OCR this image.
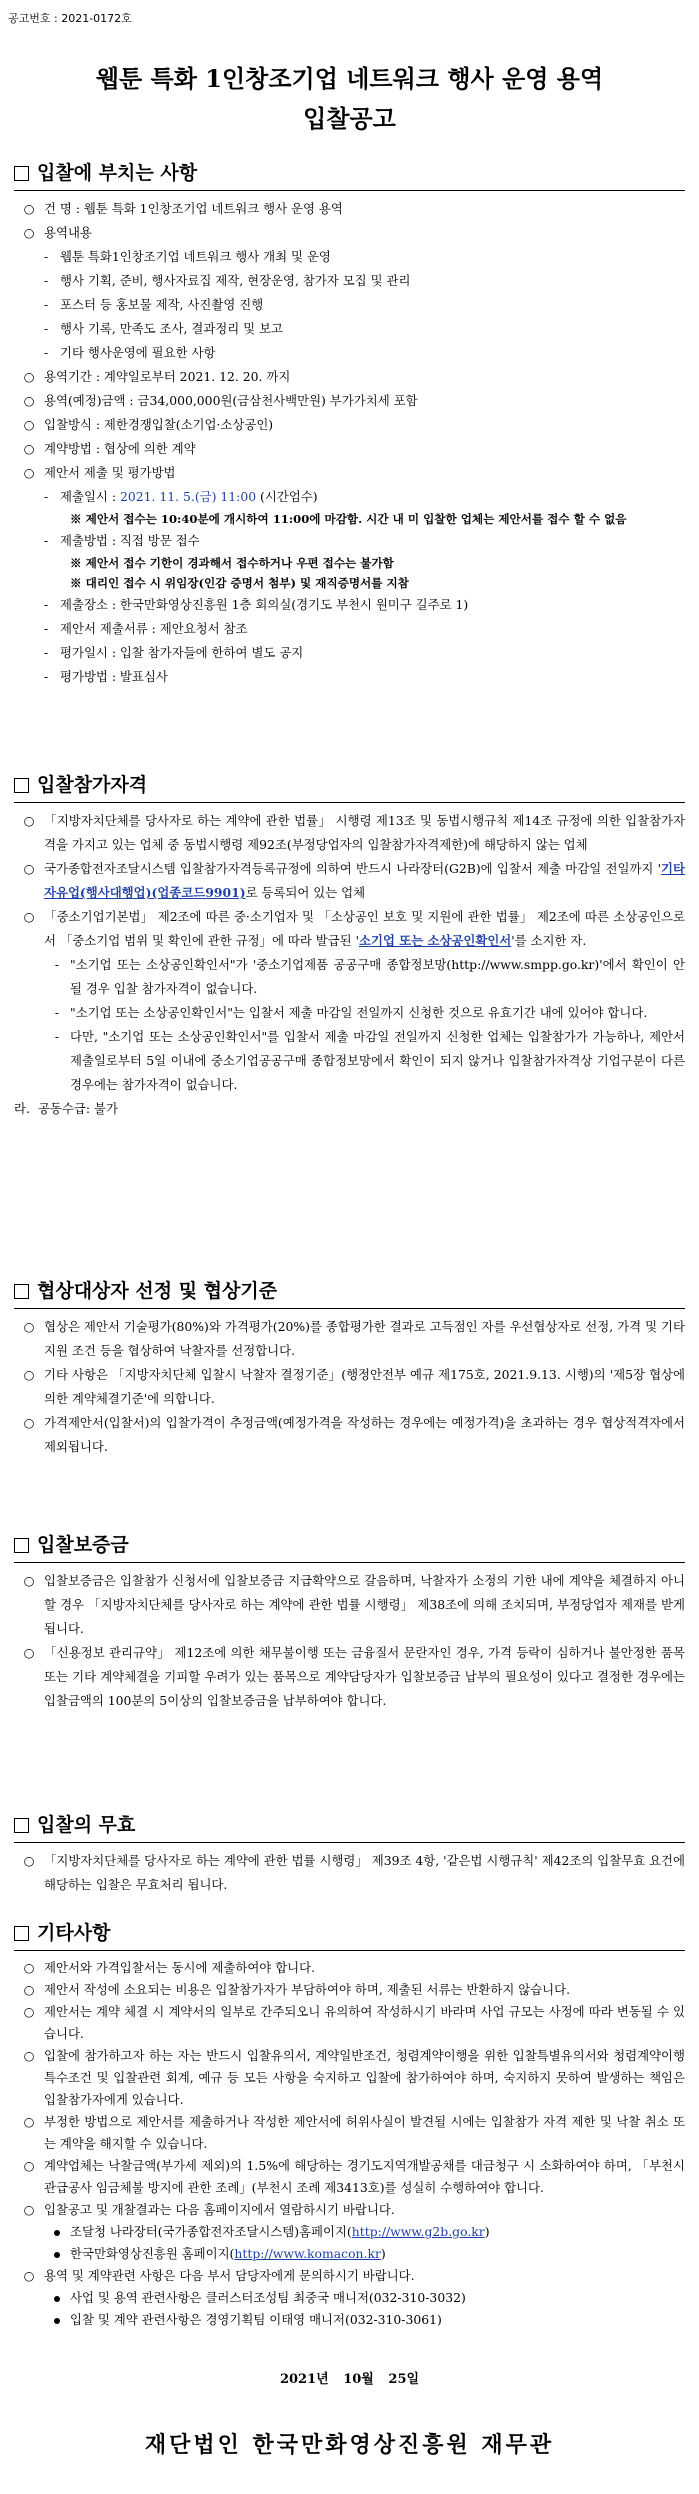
공고번호 : 2021-0172호
웹툰 특화 1인창조기업 네트워크 행사 운영 용역
입찰공고
입찰에 부치는 사항
○ 건 명 : 웹툰 특화 1인창조기업 네트워크 행사 운영 용역
○ 용역내용
- 웹툰 특화1인창조기업 네트워크 행사 개최 및 운영
- 행사 기획, 준비, 행사자료집 제작, 현장운영, 참가자 모집 및 관리
- 포스터 등 홍보물 제작, 사진촬영 진행
- 행사 기록, 만족도 조사, 결과정리 및 보고
- 기타 행사운영에 필요한 사항
○ 용역기간 : 계약일로부터 2021. 12. 20. 까지
○ 용역(예정)금액 : 금34,000,000원(금삼천사백만원) 부가가치세 포함
○ 입찰방식 : 제한경쟁입찰(소기업·소상공인)
○ 계약방법 : 협상에 의한 계약
○ 제안서 제출 및 평가방법
- 제출일시 : 2021. 11. 5.(금) 11:00 (시간엄수)
※ 제안서 접수는 10:40분에 개시하여 11:00에 마감함. 시간 내 미 입찰한 업체는 제안서를 접수 할 수 없음
- 제출방법 : 직접 방문 접수
※ 제안서 접수 기한이 경과해서 접수하거나 우편 접수는 불가함
※ 대리인 접수 시 위임장(인감 증명서 첨부) 및 재직증명서를 지참
- 제출장소 : 한국만화영상진흥원 1층 회의실(경기도 부천시 원미구 길주로 1)
- 제안서 제출서류 : 제안요청서 참조
- 평가일시 : 입찰 참가자들에 한하여 별도 공지
- 평가방법 : 발표심사
입찰참가자격
○ 「지방자치단체를 당사자로 하는 계약에 관한 법률」 시행령 제13조 및 동법시행규칙 제14조 규정에 의한 입찰참가자격을 가지고 있는 업체 중 동법시행령 제92조(부정당업자의 입찰참가자격제한)에 해당하지 않는 업체
○ 국가종합전자조달시스템 입찰참가자격등록규정에 의하여 반드시 나라장터(G2B)에 입찰서 제출 마감일 전일까지 '기타자유업(행사대행업)(업종코드9901)로 등록되어 있는 업체
○ 「중소기업기본법」 제2조에 따른 중·소기업자 및 「소상공인 보호 및 지원에 관한 법률」 제2조에 따른 소상공인으로서 「중소기업 범위 및 확인에 관한 규정」에 따라 발급된 '소기업 또는 소상공인확인서'를 소지한 자.
- "소기업 또는 소상공인확인서"가 '중소기업제품 공공구매 종합정보망(http://www.smpp.go.kr)'에서 확인이 안 될 경우 입찰 참가자격이 없습니다.
- "소기업 또는 소상공인확인서"는 입찰서 제출 마감일 전일까지 신청한 것으로 유효기간 내에 있어야 합니다.
- 다만, "소기업 또는 소상공인확인서"를 입찰서 제출 마감일 전일까지 신청한 업체는 입찰참가가 가능하나, 제안서 제출일로부터 5일 이내에 중소기업공공구매 종합정보망에서 확인이 되지 않거나 입찰참가자격상 기업구분이 다른 경우에는 참가자격이 없습니다.
라. 공동수급: 불가
협상대상자 선정 및 협상기준
○ 협상은 제안서 기술평가(80%)와 가격평가(20%)를 종합평가한 결과로 고득점인 자를 우선협상자로 선정, 가격 및 기타 지원 조건 등을 협상하여 낙찰자를 선정합니다.
○ 기타 사항은 「지방자치단체 입찰시 낙찰자 결정기준」(행정안전부 예규 제175호, 2021.9.13. 시행)의 '제5장 협상에 의한 계약체결기준'에 의합니다.
○ 가격제안서(입찰서)의 입찰가격이 추정금액(예정가격을 작성하는 경우에는 예정가격)을 초과하는 경우 협상적격자에서 제외됩니다.
입찰보증금
○ 입찰보증금은 입찰참가 신청서에 입찰보증금 지급확약으로 갈음하며, 낙찰자가 소정의 기한 내에 계약을 체결하지 아니할 경우 「지방자치단체를 당사자로 하는 계약에 관한 법률 시행령」 제38조에 의해 조치되며, 부정당업자 제재를 받게 됩니다.
○ 「신용정보 관리규약」 제12조에 의한 채무불이행 또는 금융질서 문란자인 경우, 가격 등락이 심하거나 불안정한 품목 또는 기타 계약체결을 기피할 우려가 있는 품목으로 계약담당자가 입찰보증금 납부의 필요성이 있다고 결정한 경우에는 입찰금액의 100분의 5이상의 입찰보증금을 납부하여야 합니다.
입찰의 무효
○ 「지방자치단체를 당사자로 하는 계약에 관한 법률 시행령」 제39조 4항, '같은법 시행규칙' 제42조의 입찰무효 요건에 해당하는 입찰은 무효처리 됩니다.
기타사항
○ 제안서와 가격입찰서는 동시에 제출하여야 합니다.
○ 제안서 작성에 소요되는 비용은 입찰참가자가 부담하여야 하며, 제출된 서류는 반환하지 않습니다.
○ 제안서는 계약 체결 시 계약서의 일부로 간주되오니 유의하여 작성하시기 바라며 사업 규모는 사정에 따라 변동될 수 있습니다.
○ 입찰에 참가하고자 하는 자는 반드시 입찰유의서, 계약일반조건, 청렴계약이행을 위한 입찰특별유의서와 청렴계약이행 특수조건 및 입찰관련 회계, 예규 등 모든 사항을 숙지하고 입찰에 참가하여야 하며, 숙지하지 못하여 발생하는 책임은 입찰참가자에게 있습니다.
○ 부정한 방법으로 제안서를 제출하거나 작성한 제안서에 허위사실이 발견될 시에는 입찰참가 자격 제한 및 낙찰 취소 또는 계약을 해지할 수 있습니다.
○ 계약업체는 낙찰금액(부가세 제외)의 1.5%에 해당하는 경기도지역개발공채를 대금청구 시 소화하여야 하며, 「부천시 관급공사 임금체불 방지에 관한 조례」(부천시 조례 제3413호)를 성실히 수행하여야 합니다.
○ 입찰공고 및 개찰결과는 다음 홈페이지에서 열람하시기 바랍니다.
조달청 나라장터(국가종합전자조달시스템)홈페이지(http://www.g2b.go.kr)
한국만화영상진흥원 홈페이지(http://www.komacon.kr)
○ 용역 및 계약관련 사항은 다음 부서 담당자에게 문의하시기 바랍니다.
사업 및 용역 관련사항은 클러스터조성팀 최중국 매니저(032-310-3032)
입찰 및 계약 관련사항은 경영기획팀 이태영 매니저(032-310-3061)
2021년 10월 25일
재단법인 한국만화영상진흥원 재무관
